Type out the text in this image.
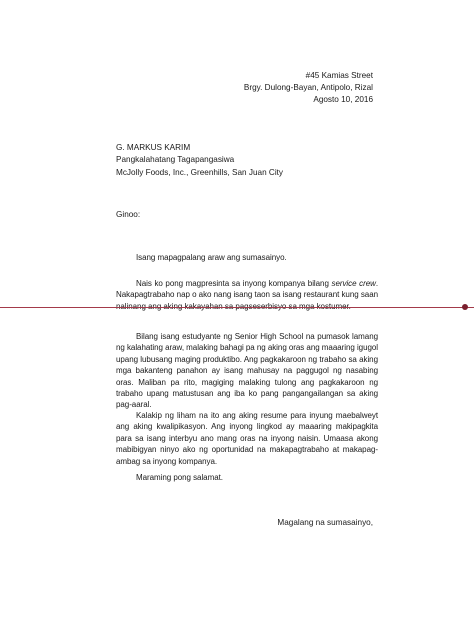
#45 Kamias Street
Brgy. Dulong-Bayan, Antipolo, Rizal
Agosto 10, 2016
G. MARKUS KARIM
Pangkalahatang Tagapangasiwa
McJolly Foods, Inc., Greenhills, San Juan City
Ginoo:
Isang mapagpalang araw ang sumasainyo.
Nais ko pong magpresinta sa inyong kompanya bilang service crew. Nakapagtrabaho nap o ako nang isang taon sa isang restaurant kung saan
Bilang isang estudyante ng Senior High School na pumasok lamang ng kalahating araw, malaking bahagi pa ng aking oras ang maaaring igugol upang lubusang maging produktibo. Ang pagkakaroon ng trabaho sa aking mga bakanteng panahon ay isang mahusay na paggugol ng nasabing oras. Maliban pa rito, magiging malaking tulong ang pagkakaroon ng trabaho upang matustusan ang iba ko pang pangangailangan sa aking pag-aaral.
Kalakip ng liham na ito ang aking resume para inyung maebalweyt ang aking kwalipikasyon. Ang inyong lingkod ay maaaring makipagkita para sa isang interbyu ano mang oras na inyong naisin. Umaasa akong mabibigyan ninyo ako ng oportunidad na makapagtrabaho at makapag-ambag sa inyong kompanya.
Maraming pong salamat.
Magalang na sumasainyo,
